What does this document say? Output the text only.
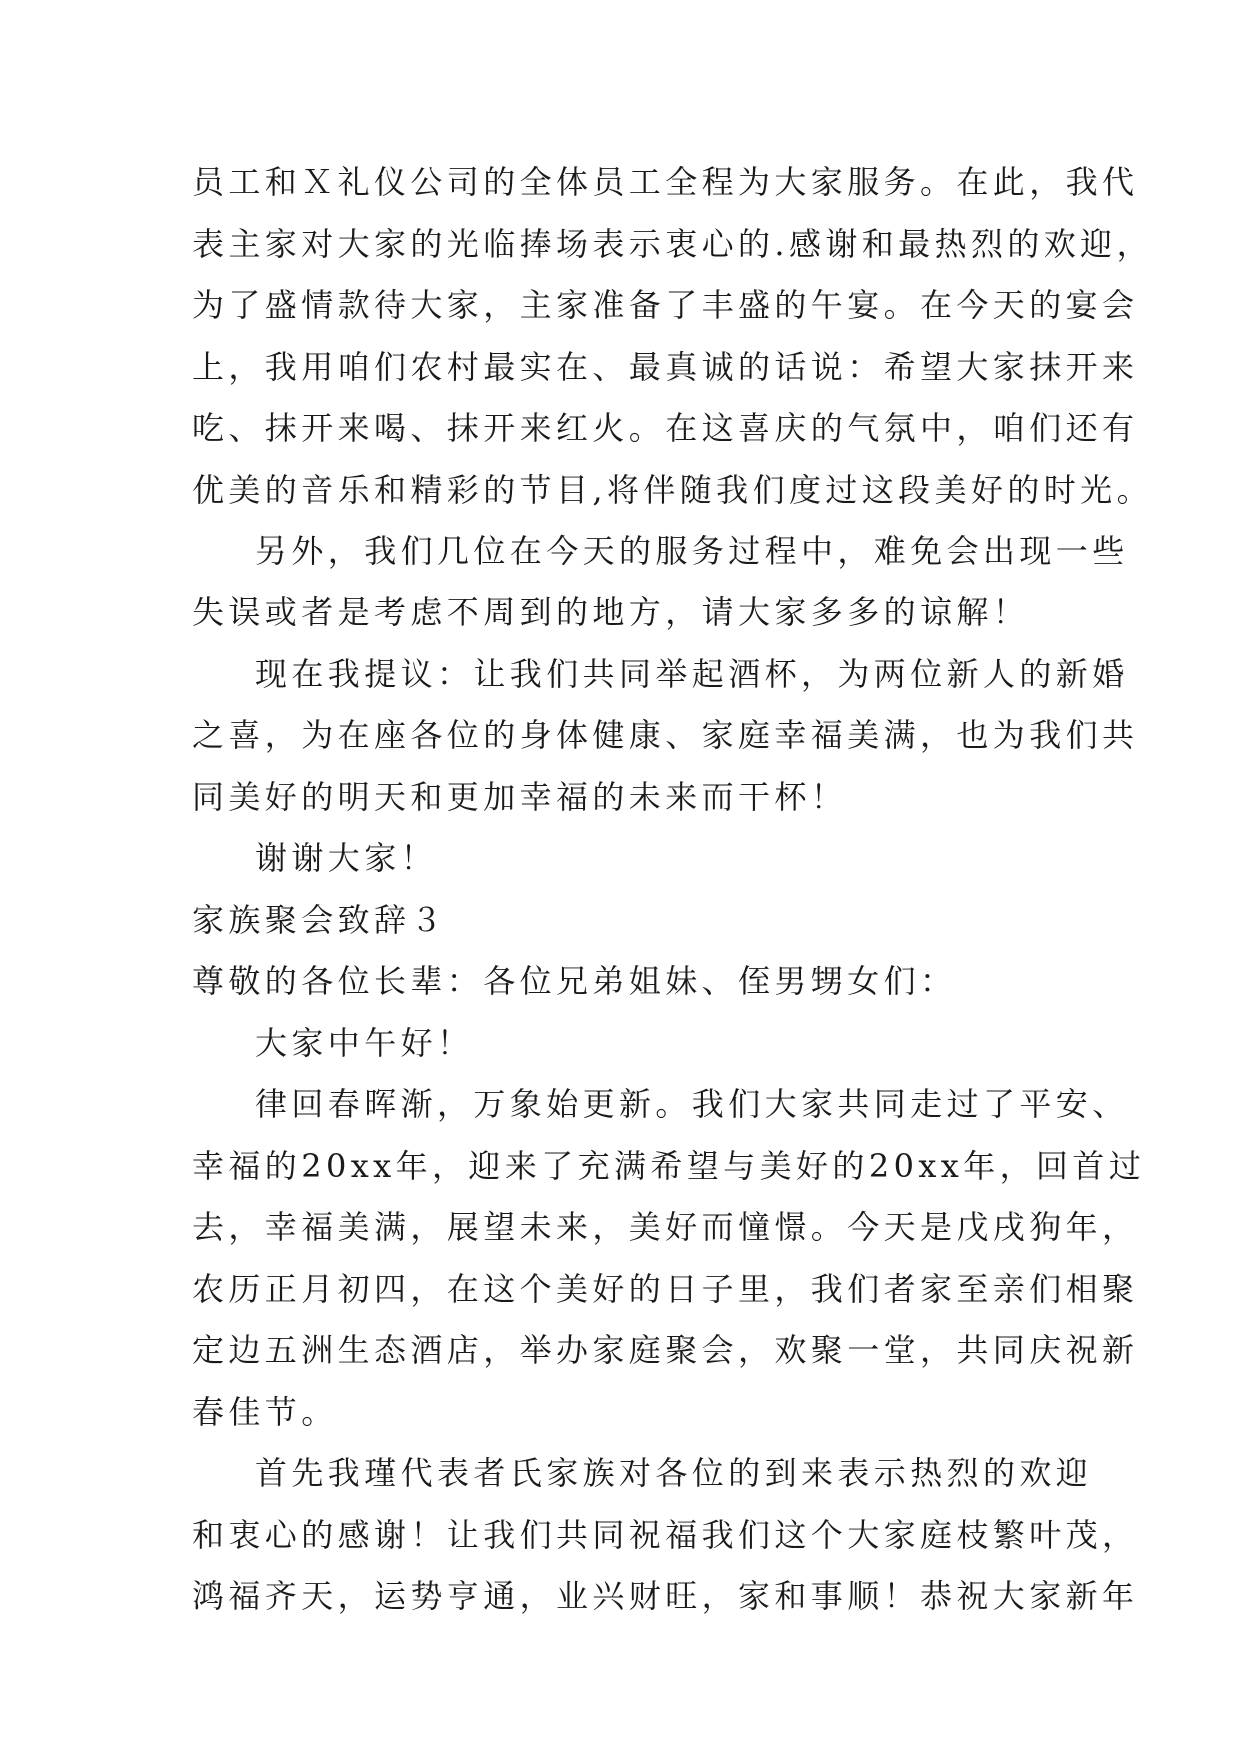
员工和Ｘ礼仪公司的全体员工全程为大家服务。在此，我代
表主家对大家的光临捧场表示衷心的.感谢和最热烈的欢迎，
为了盛情款待大家，主家准备了丰盛的午宴。在今天的宴会
上，我用咱们农村最实在、最真诚的话说：希望大家抹开来
吃、抹开来喝、抹开来红火。在这喜庆的气氛中，咱们还有
优美的音乐和精彩的节目,将伴随我们度过这段美好的时光。
另外，我们几位在今天的服务过程中，难免会出现一些
失误或者是考虑不周到的地方，请大家多多的谅解！
现在我提议：让我们共同举起酒杯，为两位新人的新婚
之喜，为在座各位的身体健康、家庭幸福美满，也为我们共
同美好的明天和更加幸福的未来而干杯！
谢谢大家！
家族聚会致辞３
尊敬的各位长辈：各位兄弟姐妹、侄男甥女们：
大家中午好！
律回春晖渐，万象始更新。我们大家共同走过了平安、
幸福的20xx年，迎来了充满希望与美好的20xx年，回首过
去，幸福美满，展望未来，美好而憧憬。今天是戊戌狗年，
农历正月初四，在这个美好的日子里，我们者家至亲们相聚
定边五洲生态酒店，举办家庭聚会，欢聚一堂，共同庆祝新
春佳节。
首先我瑾代表者氏家族对各位的到来表示热烈的欢迎
和衷心的感谢！让我们共同祝福我们这个大家庭枝繁叶茂，
鸿福齐天，运势亨通，业兴财旺，家和事顺！恭祝大家新年
